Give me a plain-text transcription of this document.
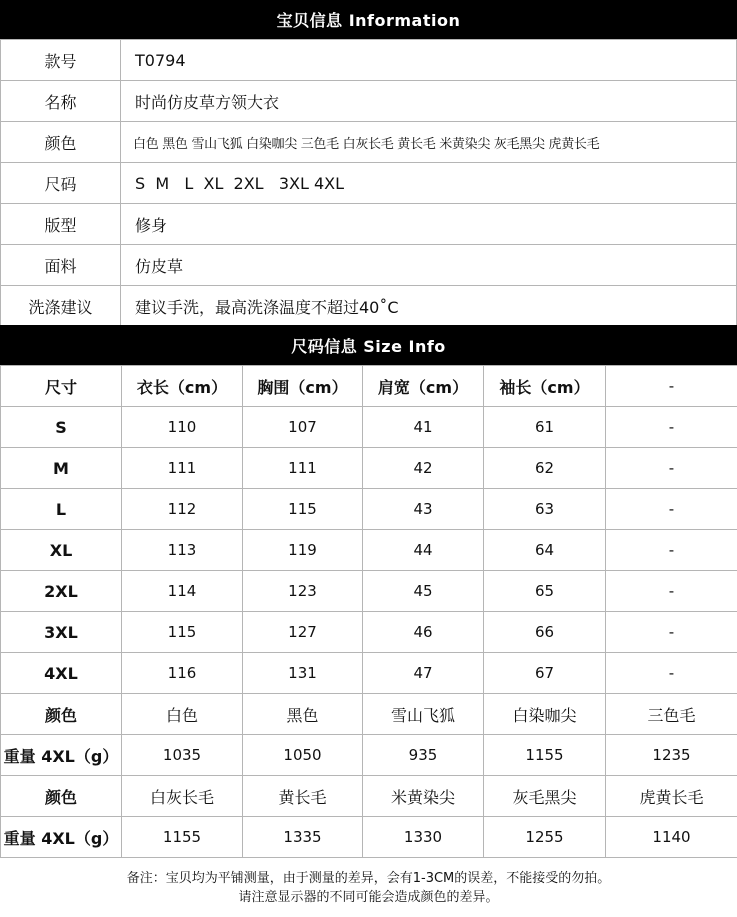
宝贝信息 Information
款号	T0794
名称	时尚仿皮草方领大衣
颜色	白色 黑色 雪山飞狐 白染咖尖 三色毛 白灰长毛 黄长毛 米黄染尖 灰毛黑尖 虎黄长毛
尺码	S  M   L  XL  2XL   3XL 4XL
版型	修身
面料	仿皮草
洗涤建议	建议手洗，最高洗涤温度不超过40˚C
尺码信息 Size Info
尺寸	衣长（cm）	胸围（cm）	肩宽（cm）	袖长（cm）	-
S	110	107	41	61	-
M	111	111	42	62	-
L	112	115	43	63	-
XL	113	119	44	64	-
2XL	114	123	45	65	-
3XL	115	127	46	66	-
4XL	116	131	47	67	-
颜色	白色	黑色	雪山飞狐	白染咖尖	三色毛
重量 4XL（g）	1035	1050	935	1155	1235
颜色	白灰长毛	黄长毛	米黄染尖	灰毛黑尖	虎黄长毛
重量 4XL（g）	1155	1335	1330	1255	1140
备注：宝贝均为平铺测量，由于测量的差异，会有1-3CM的误差，不能接受的勿拍。
请注意显示器的不同可能会造成颜色的差异。
